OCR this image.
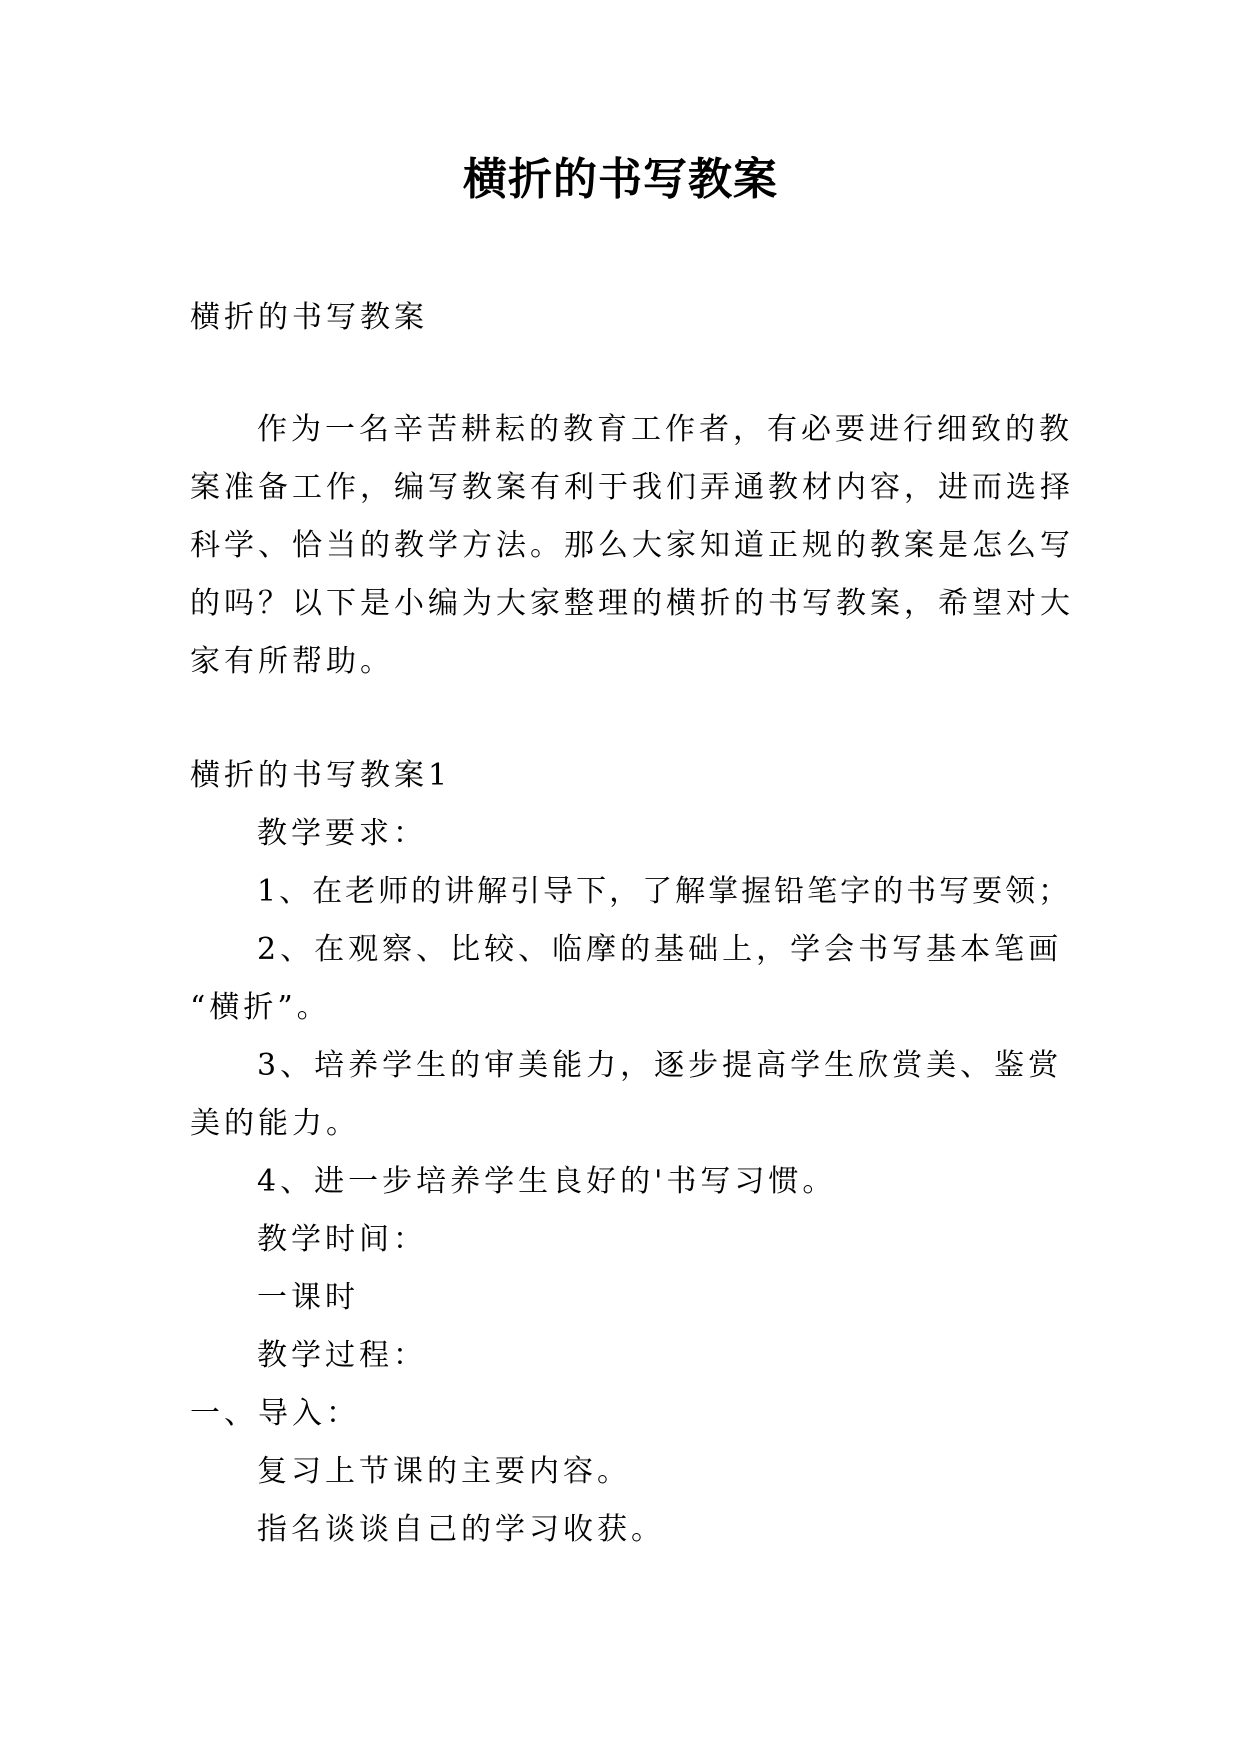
横折的书写教案
横折的书写教案
作为一名辛苦耕耘的教育工作者，有必要进行细致的教
案准备工作，编写教案有利于我们弄通教材内容，进而选择
科学、恰当的教学方法。那么大家知道正规的教案是怎么写
的吗？以下是小编为大家整理的横折的书写教案，希望对大
家有所帮助。
横折的书写教案1
教学要求：
1、在老师的讲解引导下，了解掌握铅笔字的书写要领；
2、在观察、比较、临摩的基础上，学会书写基本笔画
“横折”。
3、培养学生的审美能力，逐步提高学生欣赏美、鉴赏
美的能力。
4、进一步培养学生良好的'书写习惯。
教学时间：
一课时
教学过程：
一、导入：
复习上节课的主要内容。
指名谈谈自己的学习收获。
